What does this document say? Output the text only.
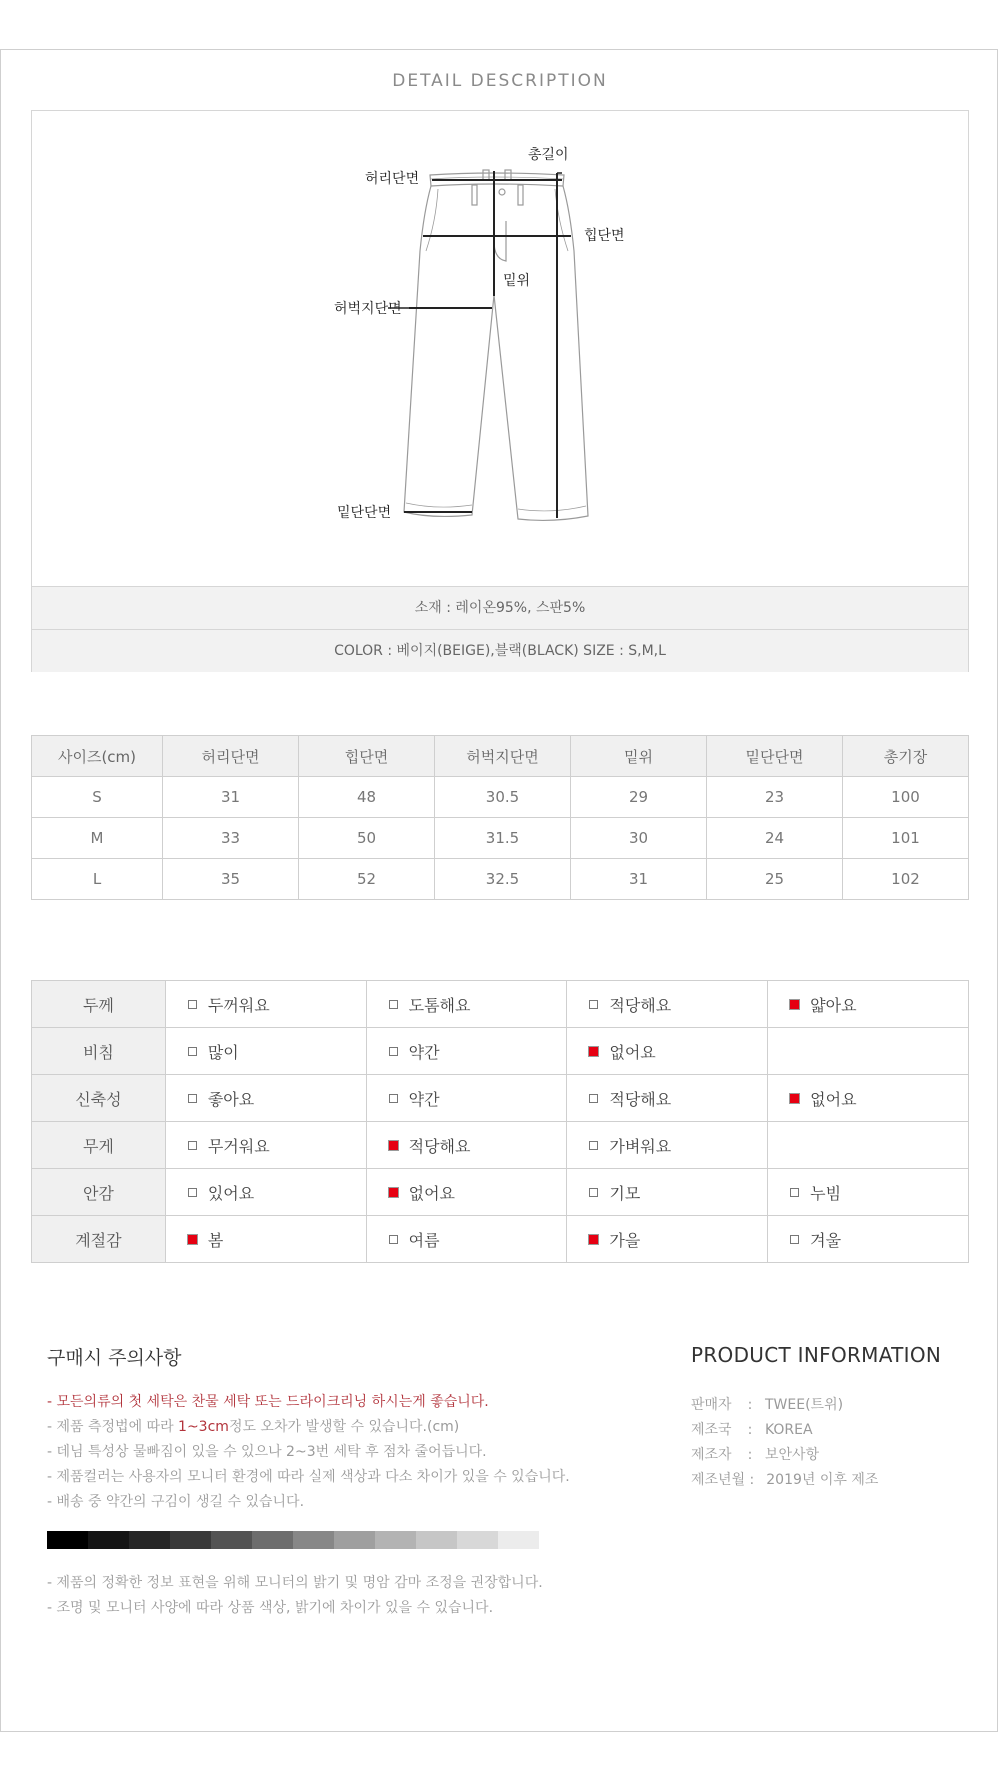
DETAIL DESCRIPTION
총길이
허리단면
힙단면
밑위
허벅지단면
밑단단면
소재 : 레이온95%, 스판5%
COLOR : 베이지(BEIGE),블랙(BLACK) SIZE : S,M,L
사이즈(cm)	허리단면	힙단면	허벅지단면	밑위	밑단단면	총기장
S	31	48	30.5	29	23	100
M	33	50	31.5	30	24	101
L	35	52	32.5	31	25	102
두께	두꺼워요	도톰해요	적당해요	얇아요
비침	많이	약간	없어요	
신축성	좋아요	약간	적당해요	없어요
무게	무거워요	적당해요	가벼워요	
안감	있어요	없어요	기모	누빔
계절감	봄	여름	가을	겨울
구매시 주의사항
- 모든의류의 첫 세탁은 찬물 세탁 또는 드라이크리닝 하시는게 좋습니다.
- 제품 측정법에 따라 1~3cm정도 오차가 발생할 수 있습니다.(cm)
- 데님 특성상 물빠짐이 있을 수 있으나 2~3번 세탁 후 점차 줄어듭니다.
- 제품컬러는 사용자의 모니터 환경에 따라 실제 색상과 다소 차이가 있을 수 있습니다.
- 배송 중 약간의 구김이 생길 수 있습니다.
- 제품의 정확한 정보 표현을 위해 모니터의 밝기 및 명암 감마 조정을 권장합니다.
- 조명 및 모니터 사양에 따라 상품 색상, 밝기에 차이가 있을 수 있습니다.
PRODUCT INFORMATION
판매자 : TWEE(트위)
제조국 : KOREA
제조자 : 보안사항
제조년월 : 2019년 이후 제조
